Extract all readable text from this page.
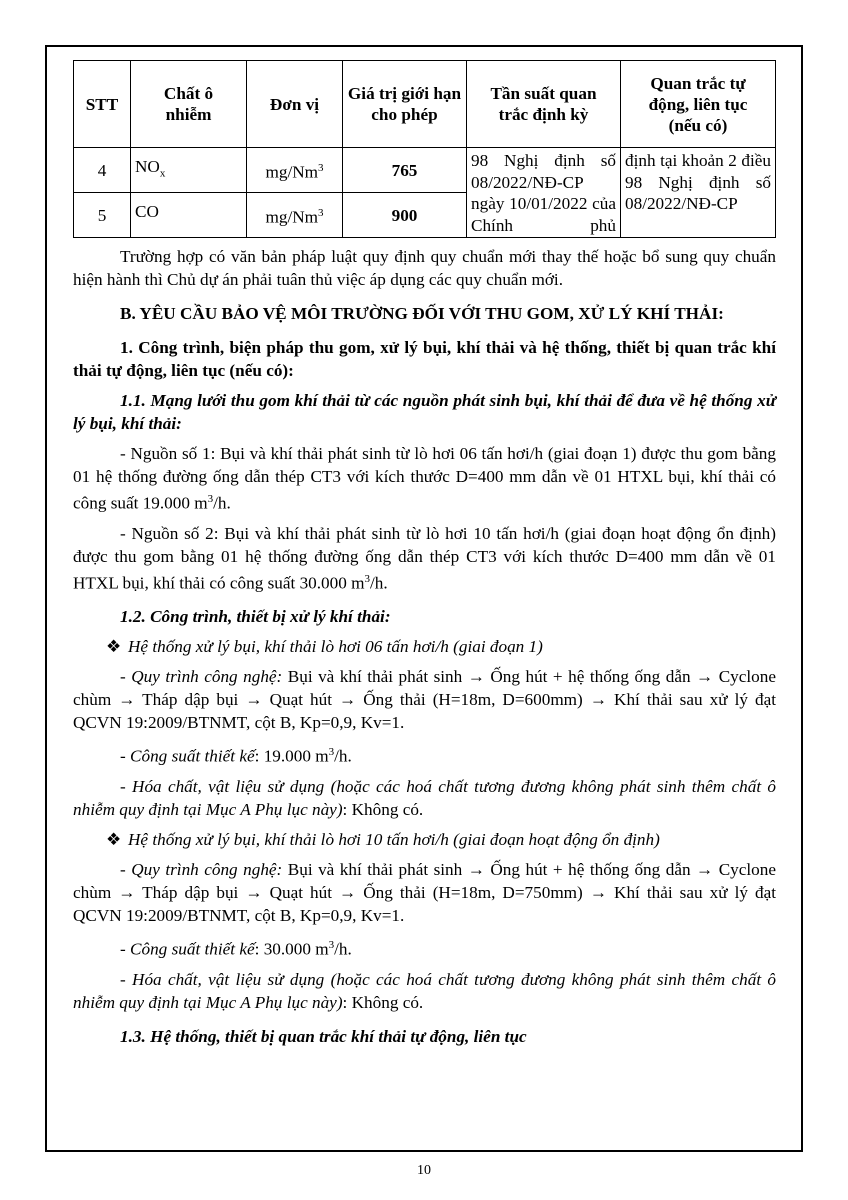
STT	Chất ô nhiễm	Đơn vị	Giá trị giới hạn cho phép	Tần suất quan trắc định kỳ	Quan trắc tự động, liên tục (nếu có)
4	$NO_x$	mg/Nm$^3$	765	98 Nghị định số 08/2022/NĐ-CP ngày 10/01/2022 của Chính phủ	định tại khoản 2 điều 98 Nghị định số 08/2022/NĐ-CP
5	CO	mg/Nm$^3$	900		

Trường hợp có văn bản pháp luật quy định quy chuẩn mới thay thế hoặc bổ sung quy chuẩn hiện hành thì Chủ dự án phải tuân thủ việc áp dụng các quy chuẩn mới.

B. YÊU CẦU BẢO VỆ MÔI TRƯỜNG ĐỐI VỚI THU GOM, XỬ LÝ KHÍ THẢI:

1. Công trình, biện pháp thu gom, xử lý bụi, khí thải và hệ thống, thiết bị quan trắc khí thải tự động, liên tục (nếu có):

1.1. Mạng lưới thu gom khí thải từ các nguồn phát sinh bụi, khí thải để đưa về hệ thống xử lý bụi, khí thải:

- Nguồn số 1: Bụi và khí thải phát sinh từ lò hơi 06 tấn hơi/h (giai đoạn 1) được thu gom bằng 01 hệ thống đường ống dẫn thép CT3 với kích thước D=400 mm dẫn về 01 HTXL bụi, khí thải có công suất 19.000 $m^3/h$.

- Nguồn số 2: Bụi và khí thải phát sinh từ lò hơi 10 tấn hơi/h (giai đoạn hoạt động ổn định) được thu gom bằng 01 hệ thống đường ống dẫn thép CT3 với kích thước D=400 mm dẫn về 01 HTXL bụi, khí thải có công suất 30.000 $m^3/h$.

1.2. Công trình, thiết bị xử lý khí thải:

❖ Hệ thống xử lý bụi, khí thải lò hơi 06 tấn hơi/h (giai đoạn 1)

- Quy trình công nghệ: Bụi và khí thải phát sinh → Ống hút + hệ thống ống dẫn → Cyclone chùm → Tháp dập bụi → Quạt hút → Ống thải (H=18m, D=600mm) → Khí thải sau xử lý đạt QCVN 19:2009/BTNMT, cột B, Kp=0,9, Kv=1.

- Công suất thiết kế: 19.000 $m^3/h$.

- Hóa chất, vật liệu sử dụng (hoặc các hoá chất tương đương không phát sinh thêm chất ô nhiễm quy định tại Mục A Phụ lục này): Không có.

❖ Hệ thống xử lý bụi, khí thải lò hơi 10 tấn hơi/h (giai đoạn hoạt động ổn định)

- Quy trình công nghệ: Bụi và khí thải phát sinh → Ống hút + hệ thống ống dẫn → Cyclone chùm → Tháp dập bụi → Quạt hút → Ống thải (H=18m, D=750mm) → Khí thải sau xử lý đạt QCVN 19:2009/BTNMT, cột B, Kp=0,9, Kv=1.

- Công suất thiết kế: 30.000 $m^3/h$.

- Hóa chất, vật liệu sử dụng (hoặc các hoá chất tương đương không phát sinh thêm chất ô nhiễm quy định tại Mục A Phụ lục này): Không có.

1.3. Hệ thống, thiết bị quan trắc khí thải tự động, liên tục

10
